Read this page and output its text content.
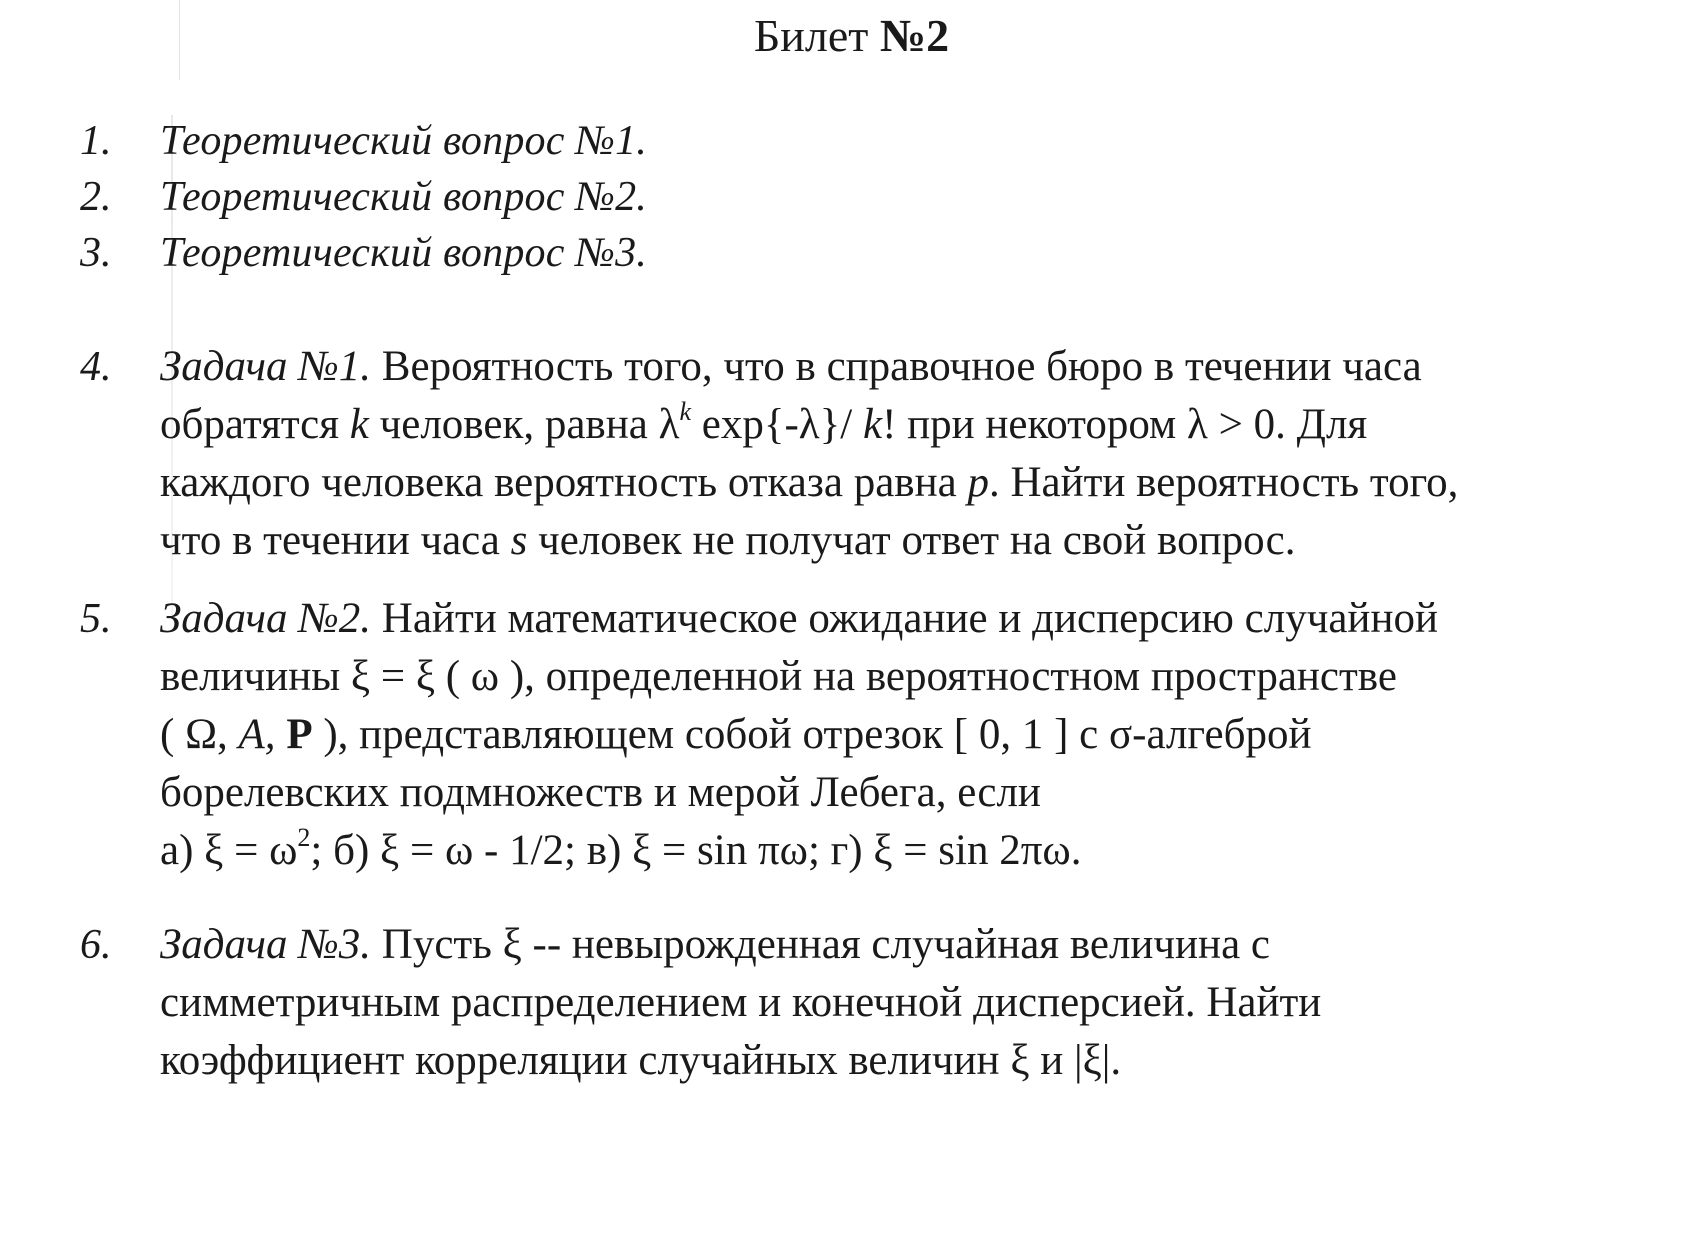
Билет №2
1.	Теоретический вопрос №1.
2.	Теоретический вопрос №2.
3.	Теоретический вопрос №3.
4.	Задача №1. Вероятность того, что в справочное бюро в течении часа
обратятся k человек, равна $\lambda^k$ exp{-λ}/ k! при некотором λ > 0. Для
каждого человека вероятность отказа равна p. Найти вероятность того,
что в течении часа s человек не получат ответ на свой вопрос.
5.	Задача №2. Найти математическое ожидание и дисперсию случайной
величины ξ = ξ ( ω ), определенной на вероятностном пространстве
( Ω, A, P ), представляющем собой отрезок [ 0, 1 ] с σ-алгеброй
борелевских подмножеств и мерой Лебега, если
а) $\xi = \omega^2$; б) ξ = ω - 1/2; в) ξ = sin πω; г) ξ = sin 2πω.
6.	Задача №3. Пусть ξ -- невырожденная случайная величина с
симметричным распределением и конечной дисперсией. Найти
коэффициент корреляции случайных величин ξ и |ξ|.
